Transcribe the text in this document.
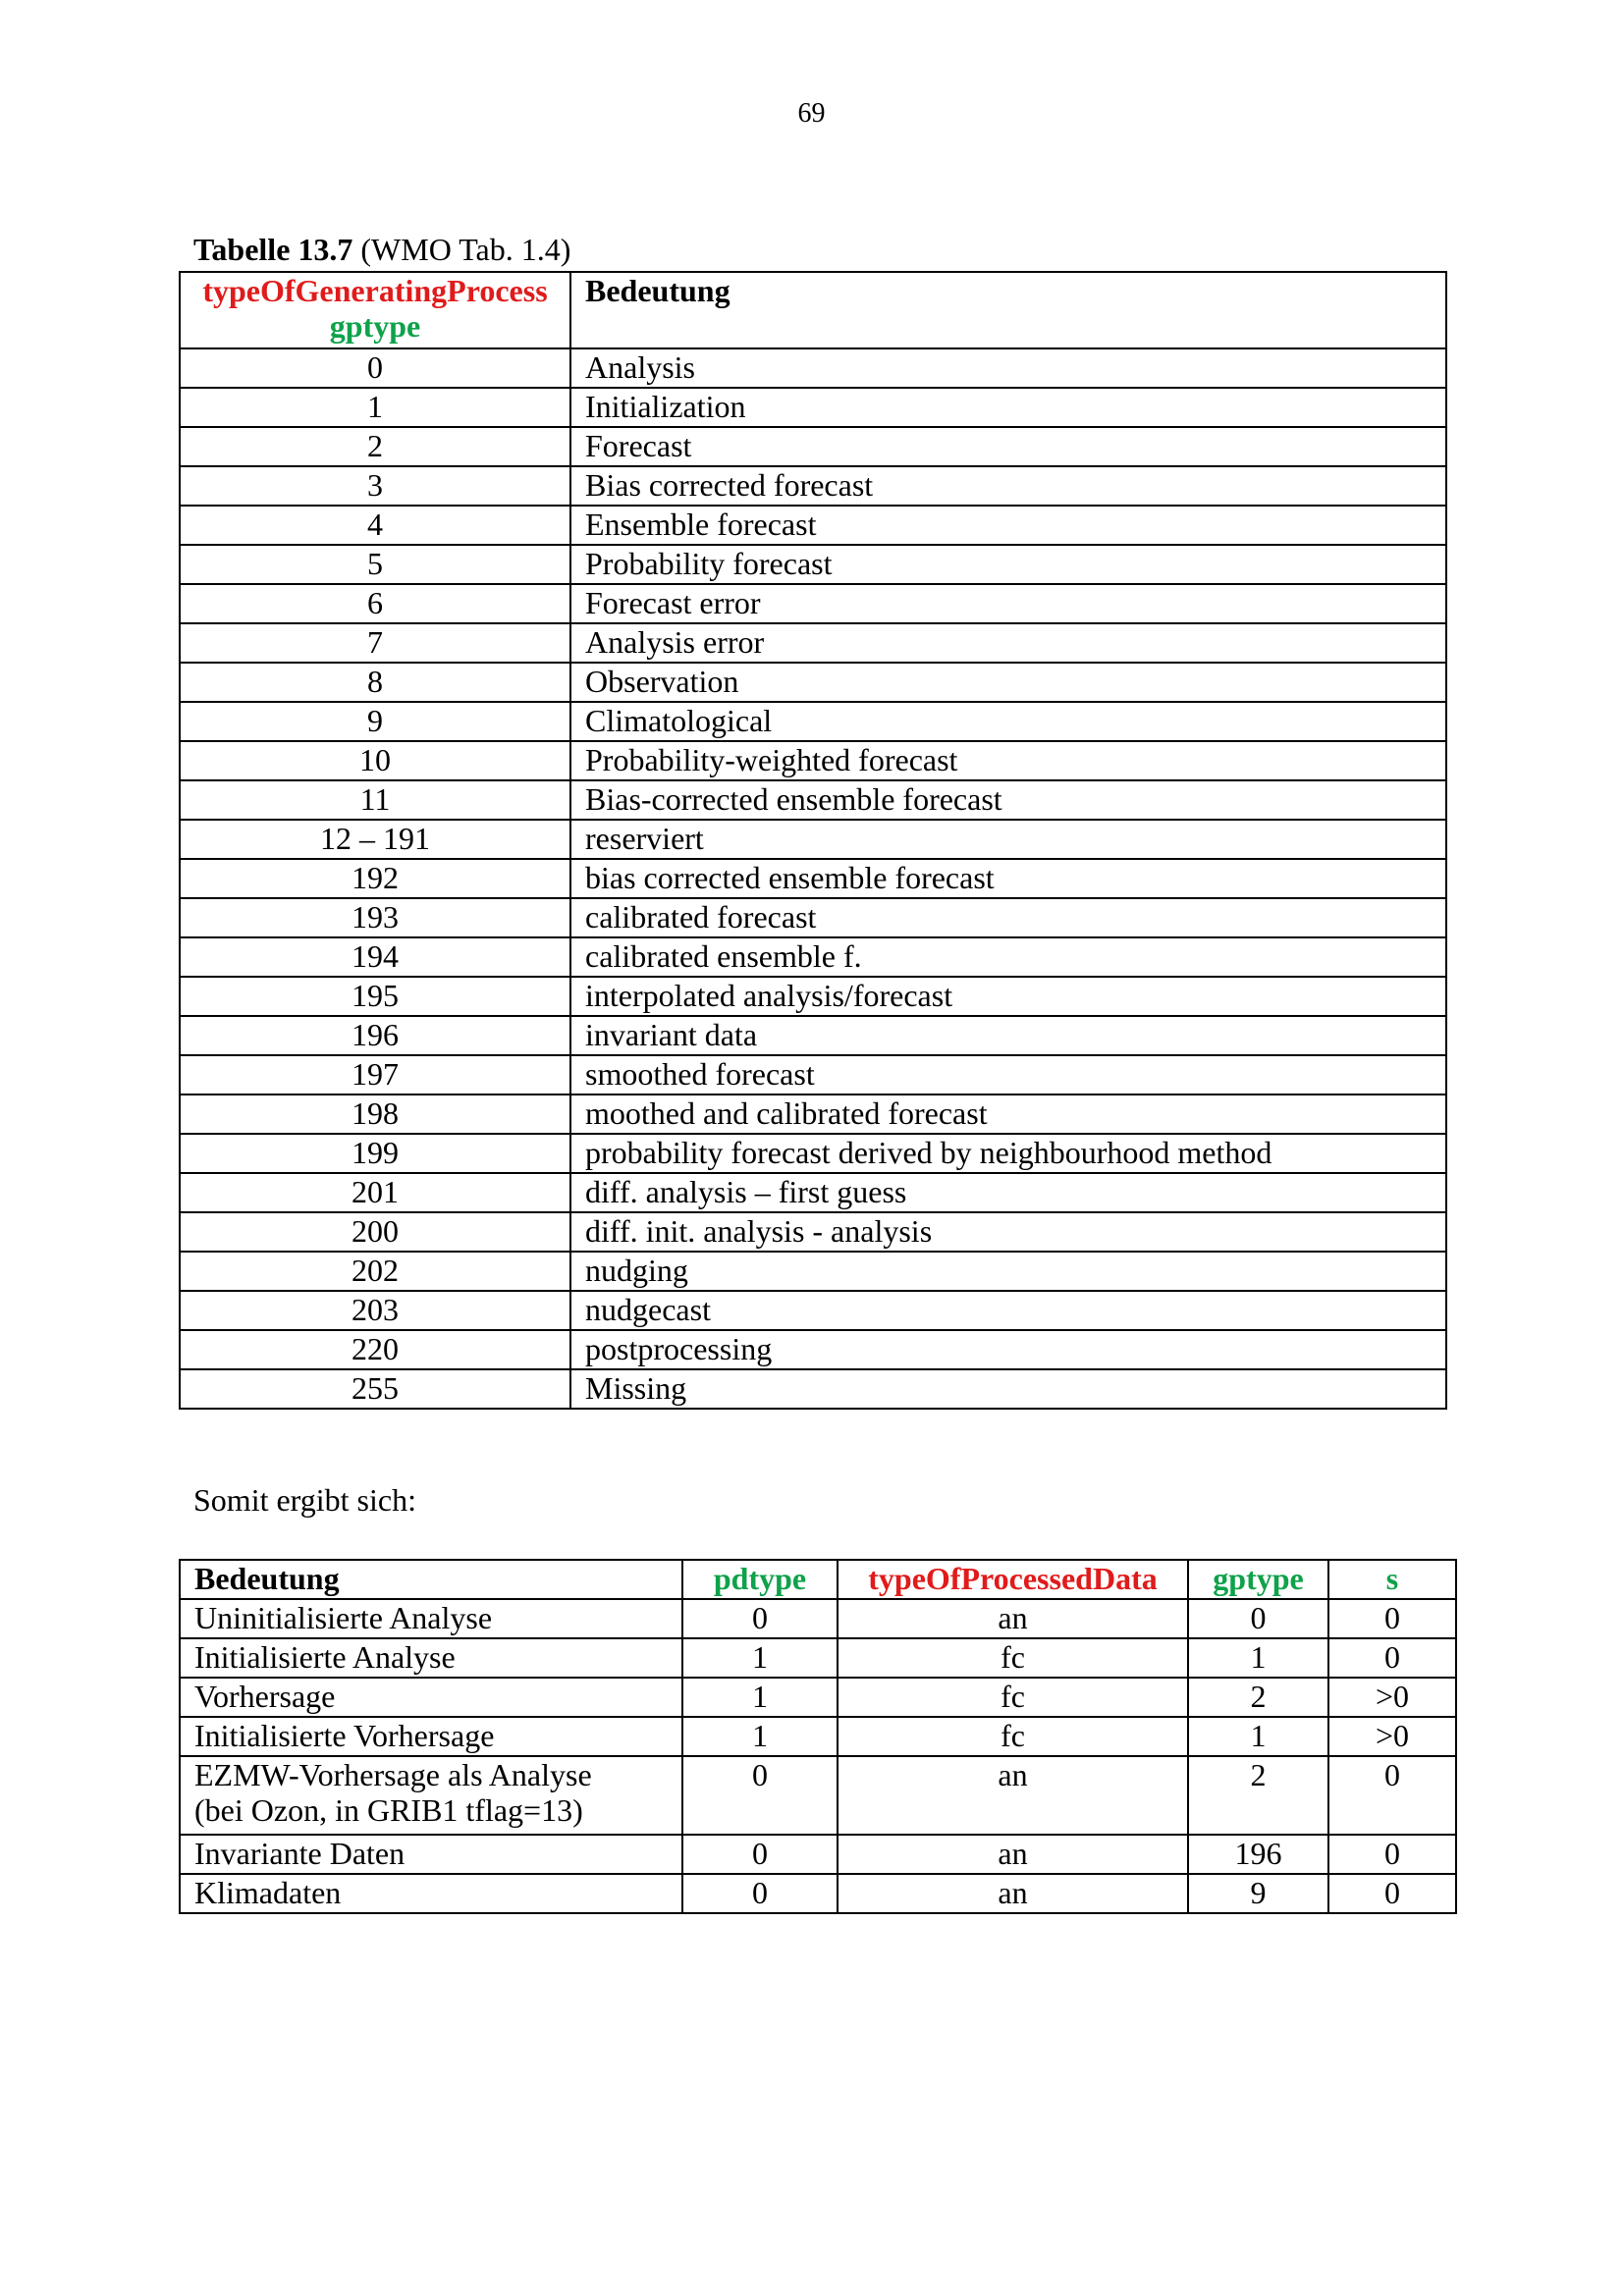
69
Tabelle 13.7 (WMO Tab. 1.4)
typeOfGeneratingProcess
gptype	Bedeutung
0	Analysis
1	Initialization
2	Forecast
3	Bias corrected forecast
4	Ensemble forecast
5	Probability forecast
6	Forecast error
7	Analysis error
8	Observation
9	Climatological
10	Probability-weighted forecast
11	Bias-corrected ensemble forecast
12 – 191	reserviert
192	bias corrected ensemble forecast
193	calibrated forecast
194	calibrated ensemble f.
195	interpolated analysis/forecast
196	invariant data
197	smoothed forecast
198	moothed and calibrated forecast
199	probability forecast derived by neighbourhood method
201	diff. analysis – first guess
200	diff. init. analysis - analysis
202	nudging
203	nudgecast
220	postprocessing
255	Missing
Somit ergibt sich:
Bedeutung	pdtype	typeOfProcessedData	gptype	s

Uninitialisierte Analyse	0	an	0	0

Initialisierte Analyse	1	fc	1	0

Vorhersage	1	fc	2	>0

Initialisierte Vorhersage	1	fc	1	>0

EZMW-Vorhersage als Analyse
(bei Ozon, in GRIB1 tflag=13)	0	an	2	0

Invariante Daten	0	an	196	0

Klimadaten	0	an	9	0
